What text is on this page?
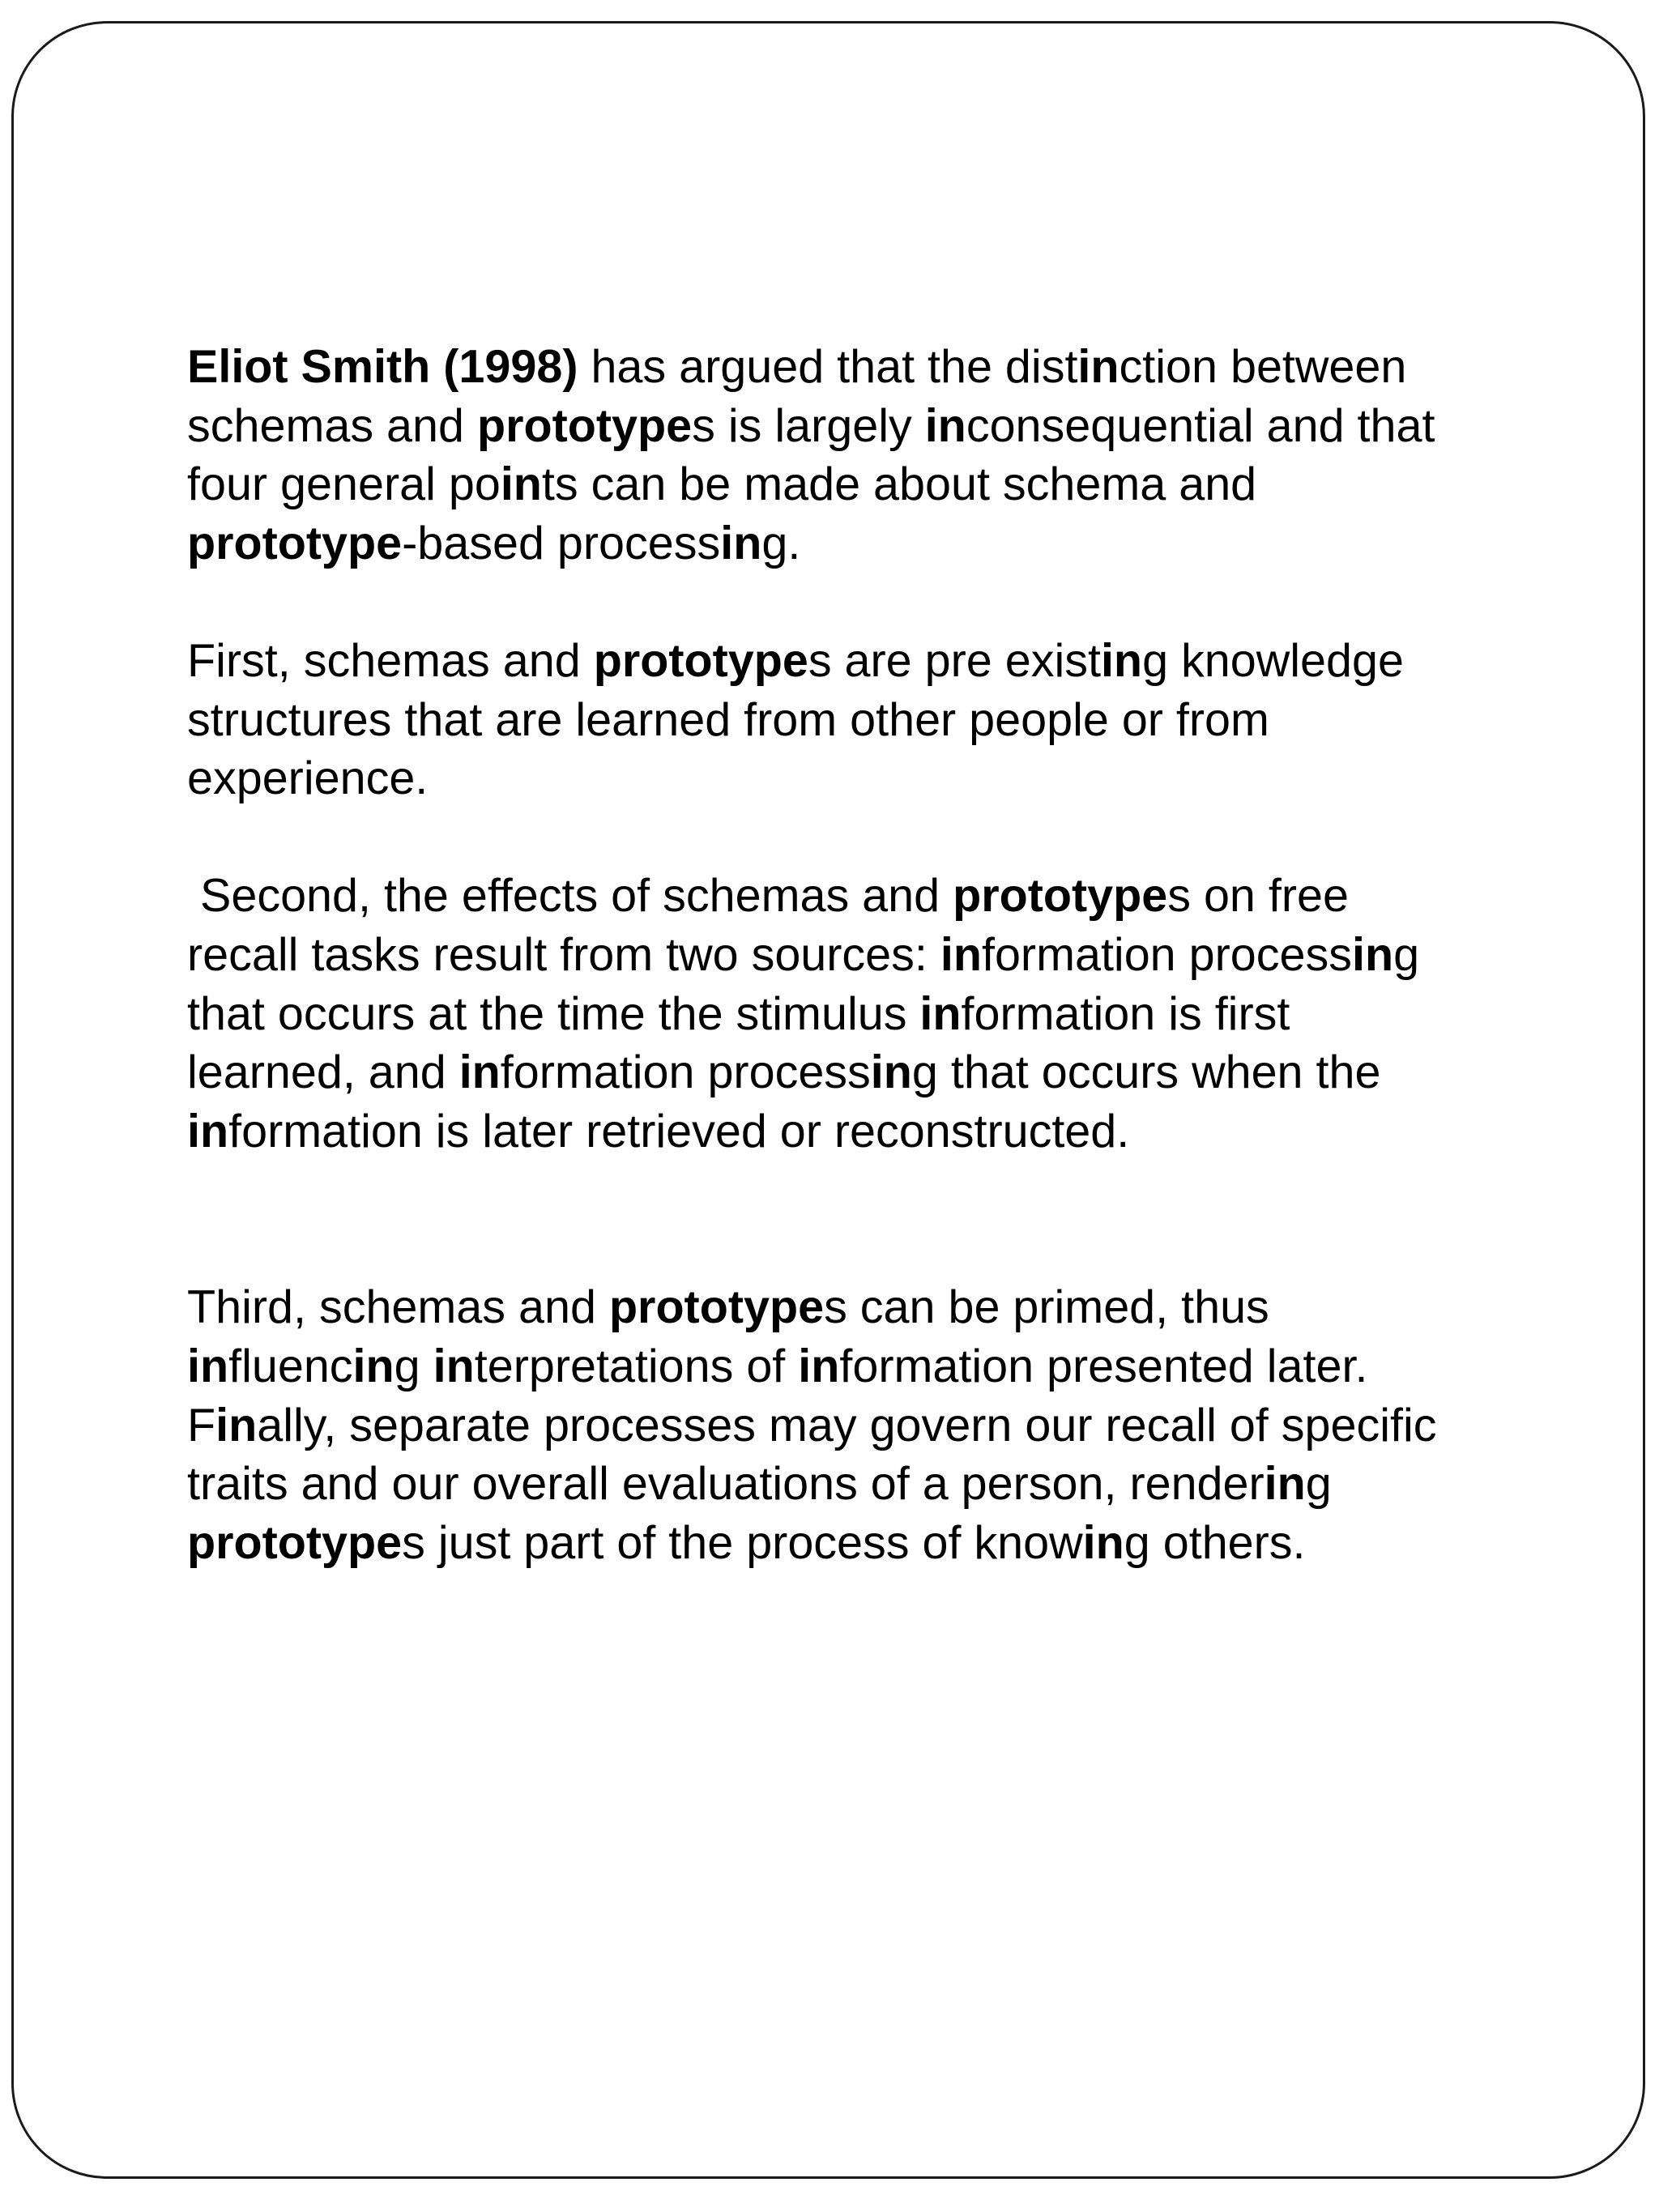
Eliot Smith (1998) has argued that the distinction between
schemas and prototypes is largely inconsequential and that
four general points can be made about schema and
prototype-based processing.

First, schemas and prototypes are pre existing knowledge
structures that are learned from other people or from
experience.

Second, the effects of schemas and prototypes on free
recall tasks result from two sources: information processing
that occurs at the time the stimulus information is first
learned, and information processing that occurs when the
information is later retrieved or reconstructed.

Third, schemas and prototypes can be primed, thus
influencing interpretations of information presented later.
Finally, separate processes may govern our recall of specific
traits and our overall evaluations of a person, rendering
prototypes just part of the process of knowing others.
